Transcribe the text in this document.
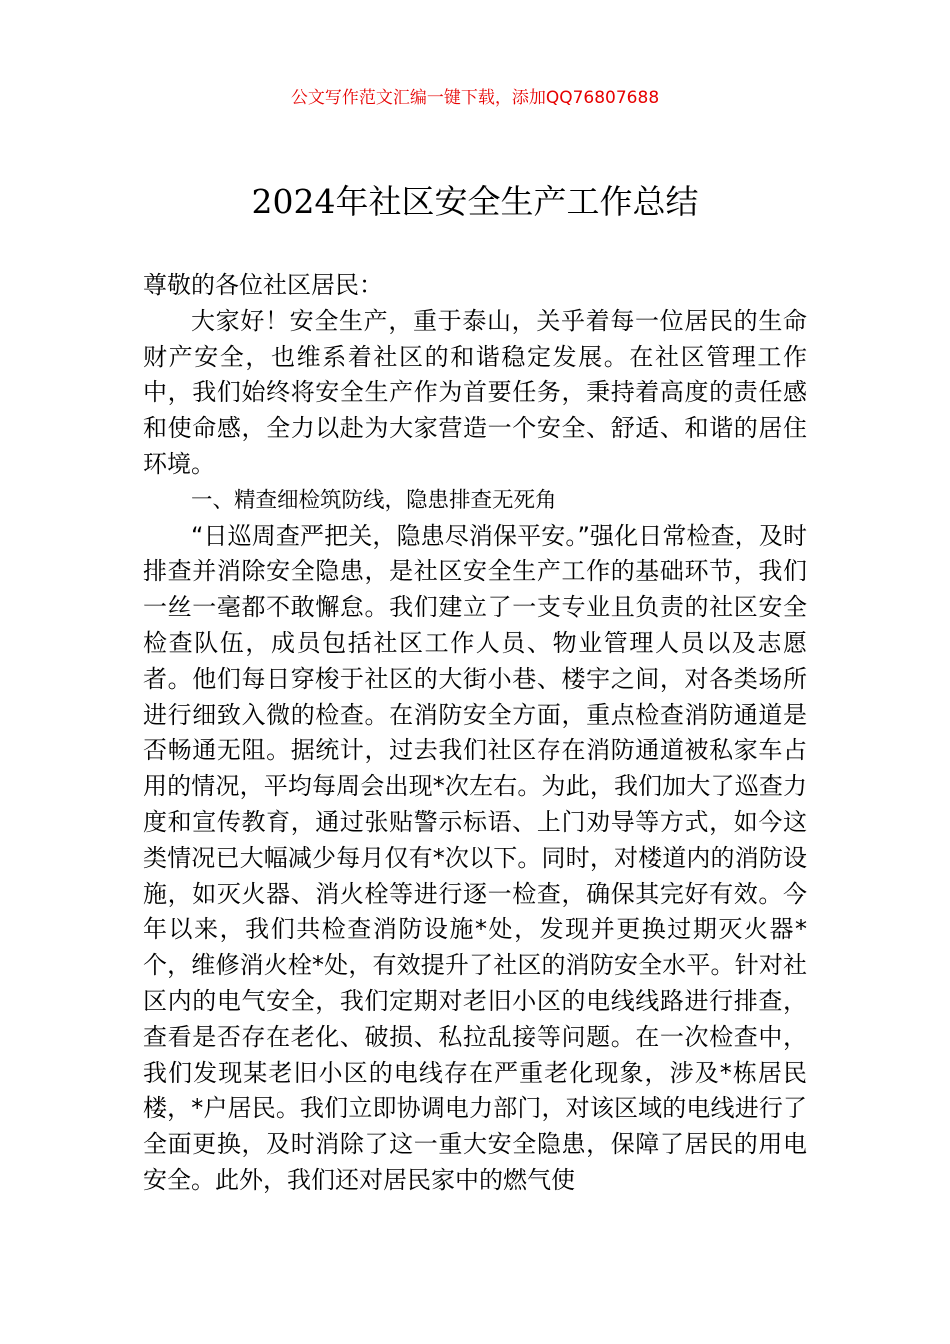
公文写作范文汇编一键下载，添加QQ76807688
2024年社区安全生产工作总结

尊敬的各位社区居民：

大家好！安全生产，重于泰山，关乎着每一位居民的生命财产安全，也维系着社区的和谐稳定发展。在社区管理工作中，我们始终将安全生产作为首要任务，秉持着高度的责任感和使命感，全力以赴为大家营造一个安全、舒适、和谐的居住环境。

一、精查细检筑防线，隐患排查无死角

“日巡周查严把关，隐患尽消保平安。”强化日常检查，及时排查并消除安全隐患，是社区安全生产工作的基础环节，我们一丝一毫都不敢懈怠。我们建立了一支专业且负责的社区安全检查队伍，成员包括社区工作人员、物业管理人员以及志愿者。他们每日穿梭于社区的大街小巷、楼宇之间，对各类场所进行细致入微的检查。在消防安全方面，重点检查消防通道是否畅通无阻。据统计，过去我们社区存在消防通道被私家车占用的情况，平均每周会出现*次左右。为此，我们加大了巡查力度和宣传教育，通过张贴警示标语、上门劝导等方式，如今这类情况已大幅减少每月仅有*次以下。同时，对楼道内的消防设施，如灭火器、消火栓等进行逐一检查，确保其完好有效。今年以来，我们共检查消防设施*处，发现并更换过期灭火器*个，维修消火栓*处，有效提升了社区的消防安全水平。针对社区内的电气安全，我们定期对老旧小区的电线线路进行排查，查看是否存在老化、破损、私拉乱接等问题。在一次检查中，我们发现某老旧小区的电线存在严重老化现象，涉及*栋居民楼，*户居民。我们立即协调电力部门，对该区域的电线进行了全面更换，及时消除了这一重大安全隐患，保障了居民的用电安全。此外，我们还对居民家中的燃气使
